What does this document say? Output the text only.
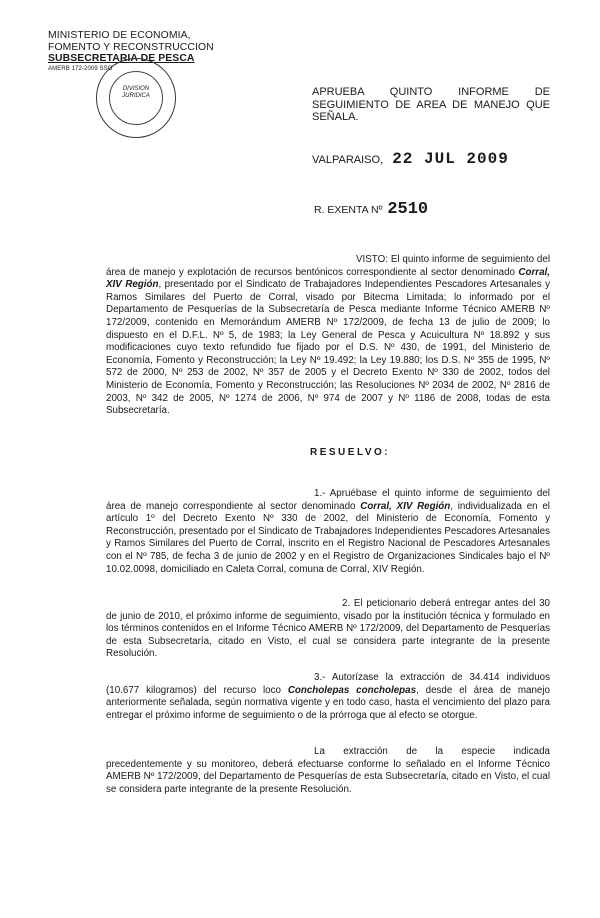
MINISTERIO DE ECONOMIA,
FOMENTO Y RECONSTRUCCION
SUBSECRETARIA DE PESCA
AMERB 172-2009 SSG
DIVISION JURIDICA	APRUEBA QUINTO INFORME DE SEGUIMIENTO DE AREA DE MANEJO QUE SEÑALA.
VALPARAISO, 22 JUL 2009
R. EXENTA Nº 2510

VISTO: El quinto informe de seguimiento del área de manejo y explotación de recursos bentónicos correspondiente al sector denominado Corral, XIV Región, presentado por el Sindicato de Trabajadores Independientes Pescadores Artesanales y Ramos Similares del Puerto de Corral, visado por Bitecma Limitada; lo informado por el Departamento de Pesquerías de la Subsecretaría de Pesca mediante Informe Técnico AMERB Nº 172/2009, contenido en Memorándum AMERB Nº 172/2009, de fecha 13 de julio de 2009; lo dispuesto en el D.F.L. Nº 5, de 1983; la Ley General de Pesca y Acuicultura Nº 18.892 y sus modificaciones cuyo texto refundido fue fijado por el D.S. Nº 430, de 1991, del Ministerio de Economía, Fomento y Reconstrucción; la Ley Nº 19.492; la Ley 19.880; los D.S. Nº 355 de 1995, Nº 572 de 2000, Nº 253 de 2002, Nº 357 de 2005 y el Decreto Exento Nº 330 de 2002, todos del Ministerio de Economía, Fomento y Reconstrucción; las Resoluciones Nº 2034 de 2002, Nº 2816 de 2003, Nº 342 de 2005, Nº 1274 de 2006, Nº 974 de 2007 y Nº 1186 de 2008, todas de esta Subsecretaría.

RESUELVO:

1.- Apruébase el quinto informe de seguimiento del área de manejo correspondiente al sector denominado Corral, XIV Región, individualizada en el artículo 1º del Decreto Exento Nº 330 de 2002, del Ministerio de Economía, Fomento y Reconstrucción, presentado por el Sindicato de Trabajadores Independientes Pescadores Artesanales y Ramos Similares del Puerto de Corral, inscrito en el Registro Nacional de Pescadores Artesanales con el Nº 785, de fecha 3 de junio de 2002 y en el Registro de Organizaciones Sindicales bajo el Nº 10.02.0098, domiciliado en Caleta Corral, comuna de Corral, XIV Región.

2. El peticionario deberá entregar antes del 30 de junio de 2010, el próximo informe de seguimiento, visado por la institución técnica y formulado en los términos contenidos en el Informe Técnico AMERB Nº 172/2009, del Departamento de Pesquerías de esta Subsecretaría, citado en Visto, el cual se considera parte integrante de la presente Resolución.

3.- Autorízase la extracción de 34.414 individuos (10.677 kilogramos) del recurso loco Concholepas concholepas, desde el área de manejo anteriormente señalada, según normativa vigente y en todo caso, hasta el vencimiento del plazo para entregar el próximo informe de seguimiento o de la prórroga que al efecto se otorgue.

La extracción de la especie indicada precedentemente y su monitoreo, deberá efectuarse conforme lo señalado en el Informe Técnico AMERB Nº 172/2009, del Departamento de Pesquerías de esta Subsecretaría, citado en Visto, el cual se considera parte integrante de la presente Resolución.
